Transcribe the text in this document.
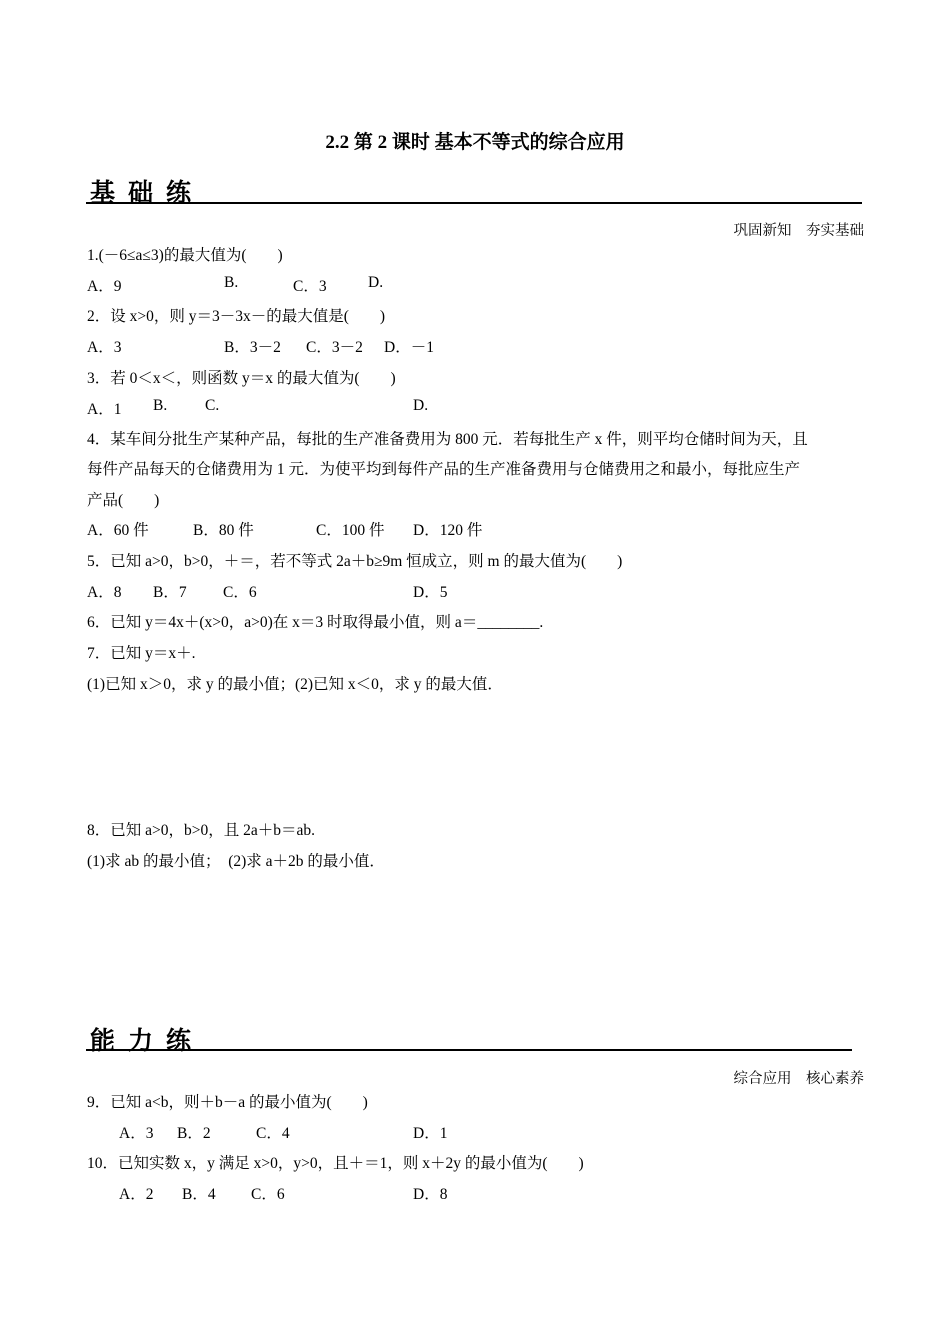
2.2 第 2 课时 基本不等式的综合应用
基础练
巩固新知　夯实基础
1.(－6≤a≤3)的最大值为(　　)
A．9	B.	C．3	D.
2．设 x>0，则 y＝3－3x－的最大值是(　　)
A．3	B．3－2 C．3－2 D．－1
3．若 0＜x＜，则函数 y＝x 的最大值为(　　)
A．1 B. C.	D.
4．某车间分批生产某种产品，每批的生产准备费用为 800 元．若每批生产 x 件，则平均仓储时间为天，且
每件产品每天的仓储费用为 1 元．为使平均到每件产品的生产准备费用与仓储费用之和最小，每批应生产
产品(　　)
A．60 件	B．80 件	C．100 件 D．120 件
5．已知 a>0，b>0，＋＝，若不等式 2a＋b≥9m 恒成立，则 m 的最大值为(　　)
A．8 B．7 C．6	D．5
6．已知 y＝4x＋(x>0，a>0)在 x＝3 时取得最小值，则 a＝________.
7．已知 y＝x＋.
(1)已知 x＞0，求 y 的最小值；(2)已知 x＜0，求 y 的最大值．
8．已知 a>0，b>0，且 2a＋b＝ab.
(1)求 ab 的最小值；　(2)求 a＋2b 的最小值．
能力练
综合应用　核心素养
9．已知 a<b，则＋b－a 的最小值为(　　)
A．3 B．2	C．4	D．1
10．已知实数 x，y 满足 x>0，y>0，且＋＝1，则 x＋2y 的最小值为(　　)
A．2 B．4 C．6	D．8
